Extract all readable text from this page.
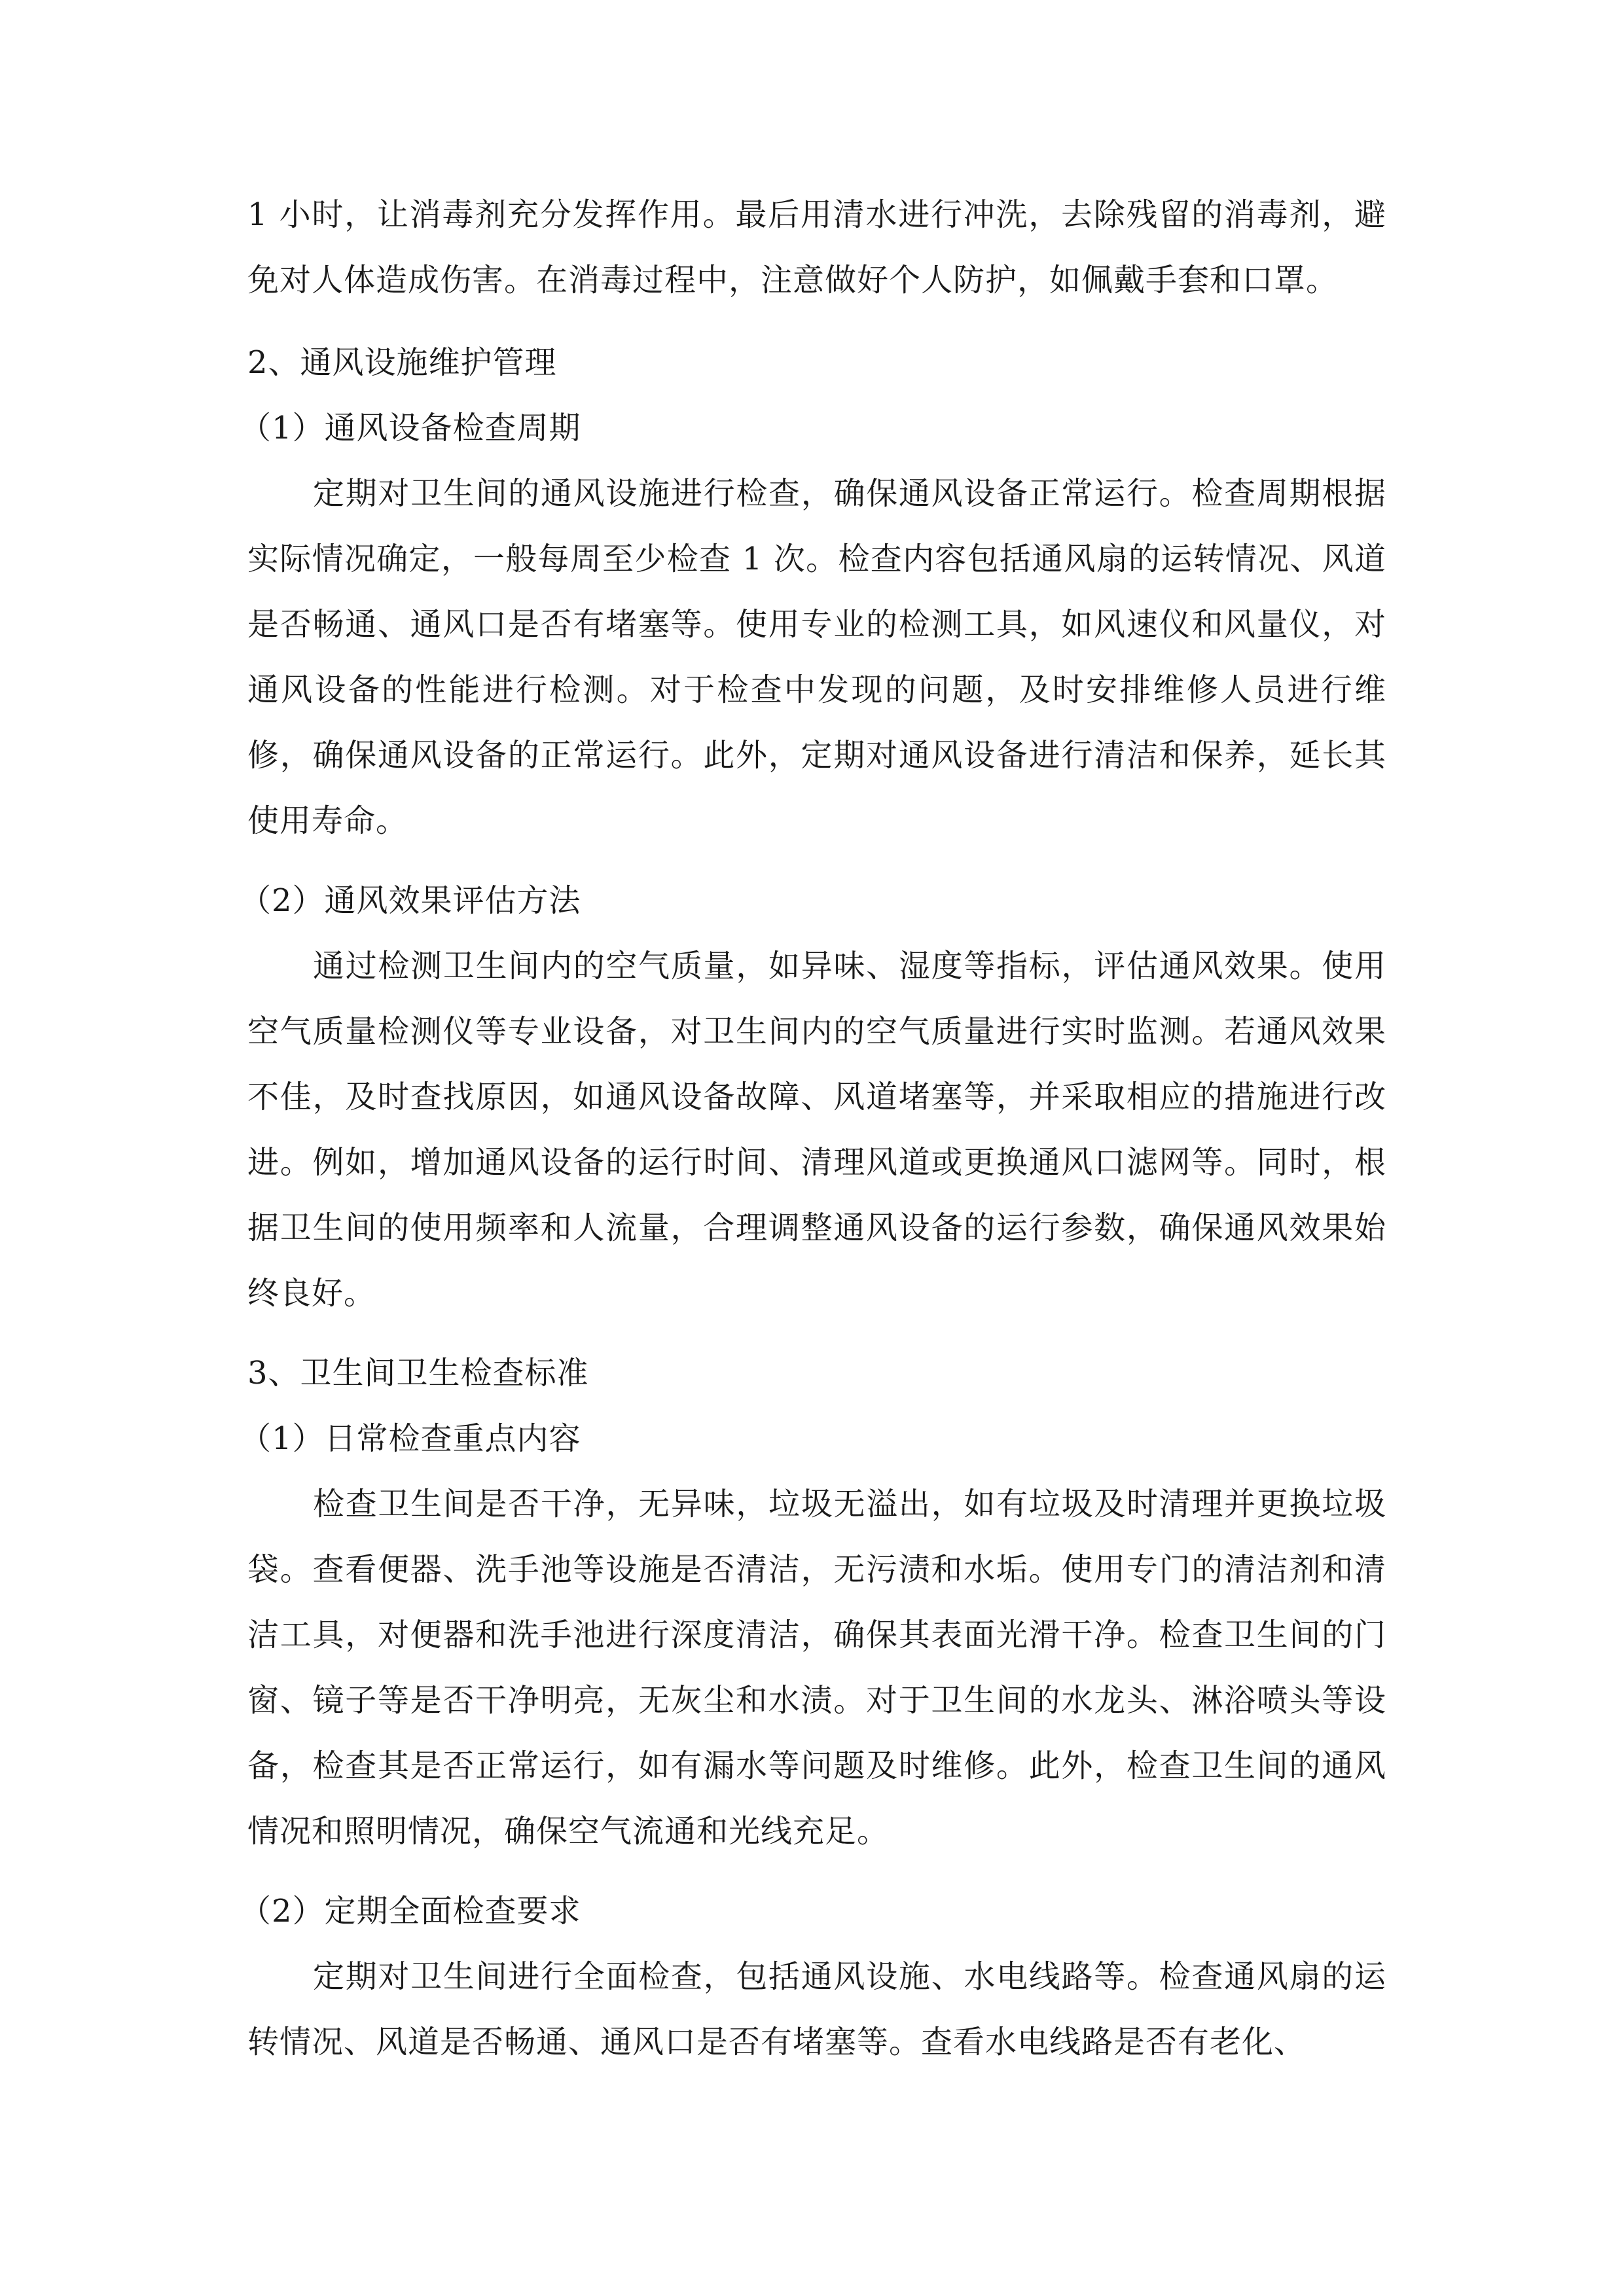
1 小时，让消毒剂充分发挥作用。最后用清水进行冲洗，去除残留的消毒剂，避免对人体造成伤害。在消毒过程中，注意做好个人防护，如佩戴手套和口罩。

2、通风设施维护管理

（1）通风设备检查周期

定期对卫生间的通风设施进行检查，确保通风设备正常运行。检查周期根据实际情况确定，一般每周至少检查 1 次。检查内容包括通风扇的运转情况、风道是否畅通、通风口是否有堵塞等。使用专业的检测工具，如风速仪和风量仪，对通风设备的性能进行检测。对于检查中发现的问题，及时安排维修人员进行维修，确保通风设备的正常运行。此外，定期对通风设备进行清洁和保养，延长其使用寿命。

（2）通风效果评估方法

通过检测卫生间内的空气质量，如异味、湿度等指标，评估通风效果。使用空气质量检测仪等专业设备，对卫生间内的空气质量进行实时监测。若通风效果不佳，及时查找原因，如通风设备故障、风道堵塞等，并采取相应的措施进行改进。例如，增加通风设备的运行时间、清理风道或更换通风口滤网等。同时，根据卫生间的使用频率和人流量，合理调整通风设备的运行参数，确保通风效果始终良好。

3、卫生间卫生检查标准

（1）日常检查重点内容

检查卫生间是否干净，无异味，垃圾无溢出，如有垃圾及时清理并更换垃圾袋。查看便器、洗手池等设施是否清洁，无污渍和水垢。使用专门的清洁剂和清洁工具，对便器和洗手池进行深度清洁，确保其表面光滑干净。检查卫生间的门窗、镜子等是否干净明亮，无灰尘和水渍。对于卫生间的水龙头、淋浴喷头等设备，检查其是否正常运行，如有漏水等问题及时维修。此外，检查卫生间的通风情况和照明情况，确保空气流通和光线充足。

（2）定期全面检查要求

定期对卫生间进行全面检查，包括通风设施、水电线路等。检查通风扇的运转情况、风道是否畅通、通风口是否有堵塞等。查看水电线路是否有老化、
